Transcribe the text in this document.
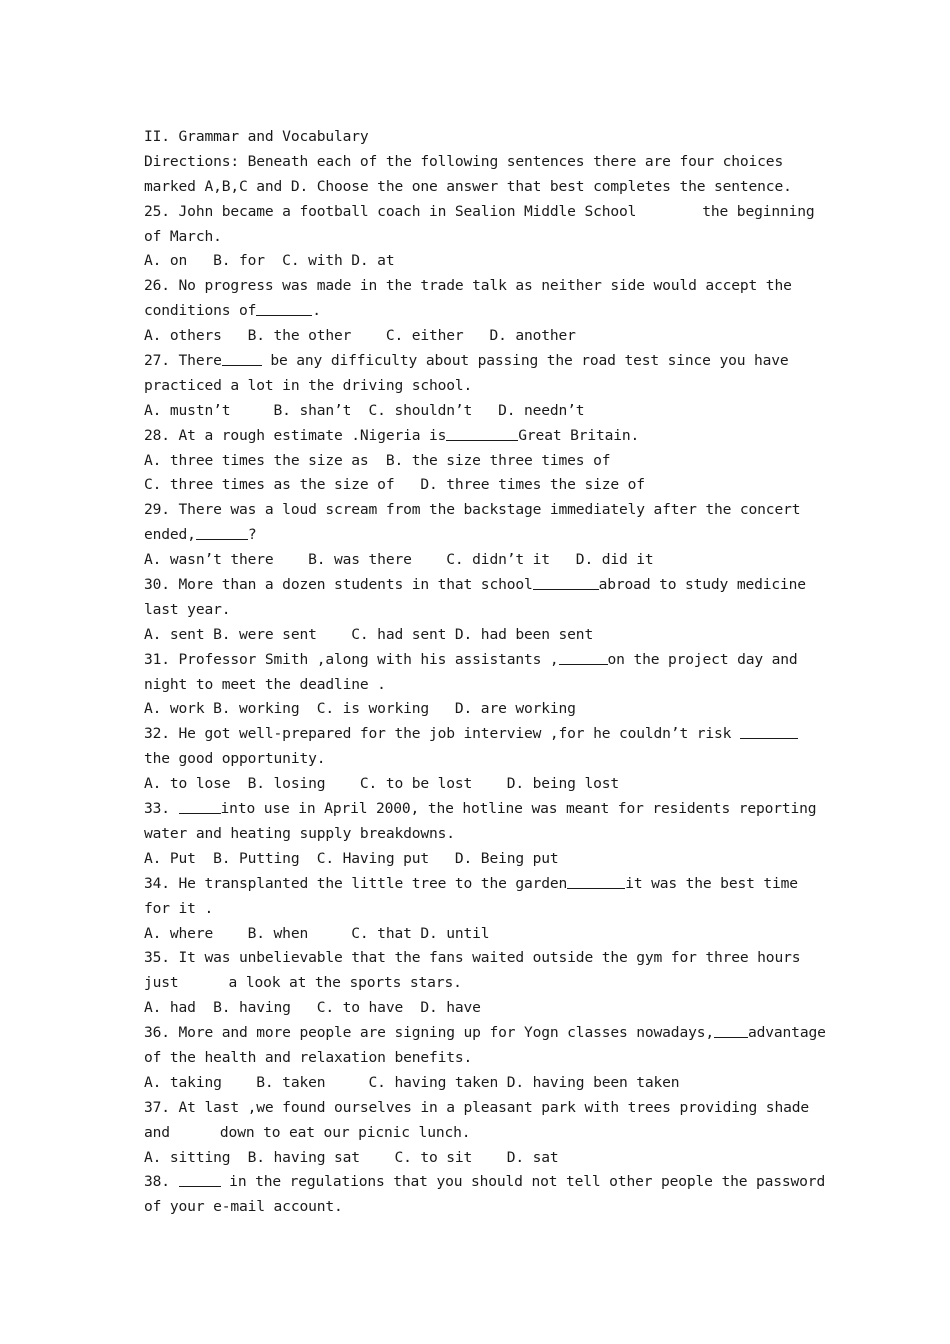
II. Grammar and Vocabulary
Directions: Beneath each of the following sentences there are four choices
marked A,B,C and D. Choose the one answer that best completes the sentence.
25. John became a football coach in Sealion Middle School	the beginning
of March.
A. on   B. for  C. with D. at
26. No progress was made in the trade talk as neither side would accept the
conditions of	.
A. others   B. the other    C. either   D. another
27. There	be any difficulty about passing the road test since you have
practiced a lot in the driving school.
A. mustn’t     B. shan’t  C. shouldn’t   D. needn’t
28. At a rough estimate .Nigeria is	Great Britain.
A. three times the size as  B. the size three times of
C. three times as the size of   D. three times the size of
29. There was a loud scream from the backstage immediately after the concert
ended,	?
A. wasn’t there    B. was there    C. didn’t it   D. did it
30. More than a dozen students in that school	abroad to study medicine
last year.
A. sent B. were sent    C. had sent D. had been sent
31. Professor Smith ,along with his assistants ,	on the project day and
night to meet the deadline .
A. work B. working  C. is working   D. are working
32. He got well-prepared for the job interview ,for he couldn’t risk
the good opportunity.
A. to lose  B. losing    C. to be lost    D. being lost
33.	into use in April 2000, the hotline was meant for residents reporting
water and heating supply breakdowns.
A. Put  B. Putting  C. Having put   D. Being put
34. He transplanted the little tree to the garden	it was the best time
for it .
A. where    B. when     C. that D. until
35. It was unbelievable that the fans waited outside the gym for three hours
just	a look at the sports stars.
A. had  B. having   C. to have  D. have
36. More and more people are signing up for Yogn classes nowadays, advantage
of the health and relaxation benefits.
A. taking    B. taken     C. having taken D. having been taken
37. At last ,we found ourselves in a pleasant park with trees providing shade
and	down to eat our picnic lunch.
A. sitting  B. having sat    C. to sit    D. sat
38.	in the regulations that you should not tell other people the password
of your e-mail account.
